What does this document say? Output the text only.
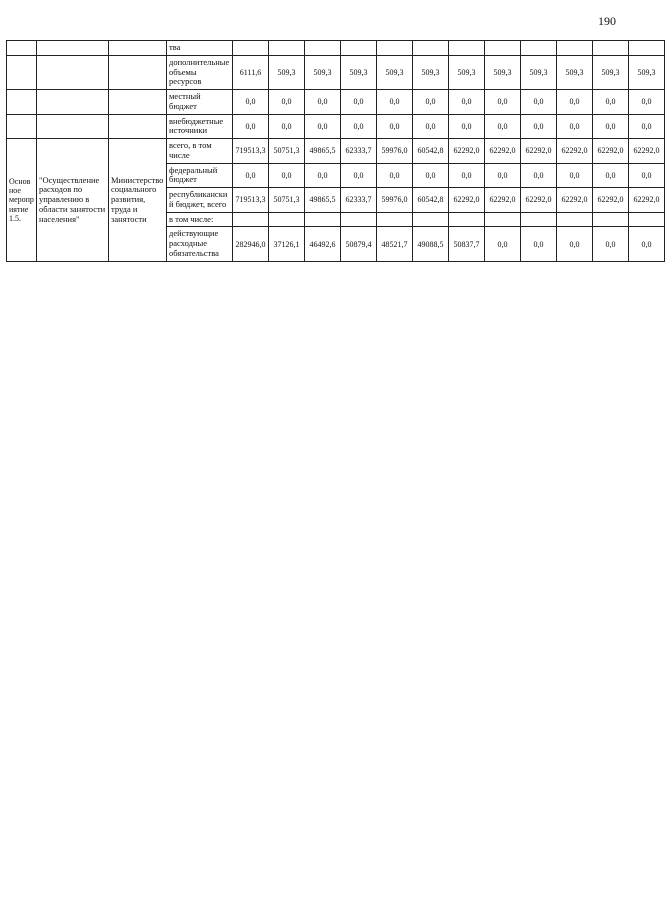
190
			тва												
			дополнительные объемы ресурсов	6111,6	509,3	509,3	509,3	509,3	509,3	509,3	509,3	509,3	509,3	509,3	509,3
			местный бюджет	0,0	0,0	0,0	0,0	0,0	0,0	0,0	0,0	0,0	0,0	0,0	0,0
			внебюджетные источники	0,0	0,0	0,0	0,0	0,0	0,0	0,0	0,0	0,0	0,0	0,0	0,0
Основное мероприятие 1.5.	"Осуществление расходов по управлению в области занятости населения"	Министерство социального развития, труда и занятости	всего, в том числе	719513,3	50751,3	49865,5	62333,7	59976,0	60542,8	62292,0	62292,0	62292,0	62292,0	62292,0	62292,0
			федеральный бюджет	0,0	0,0	0,0	0,0	0,0	0,0	0,0	0,0	0,0	0,0	0,0	0,0
			республиканский бюджет, всего	719513,3	50751,3	49865,5	62333,7	59976,0	60542,8	62292,0	62292,0	62292,0	62292,0	62292,0	62292,0
			в том числе:												
			действующие расходные обязательства	282946,0	37126,1	46492,6	50879,4	48521,7	49088,5	50837,7	0,0	0,0	0,0	0,0	0,0
